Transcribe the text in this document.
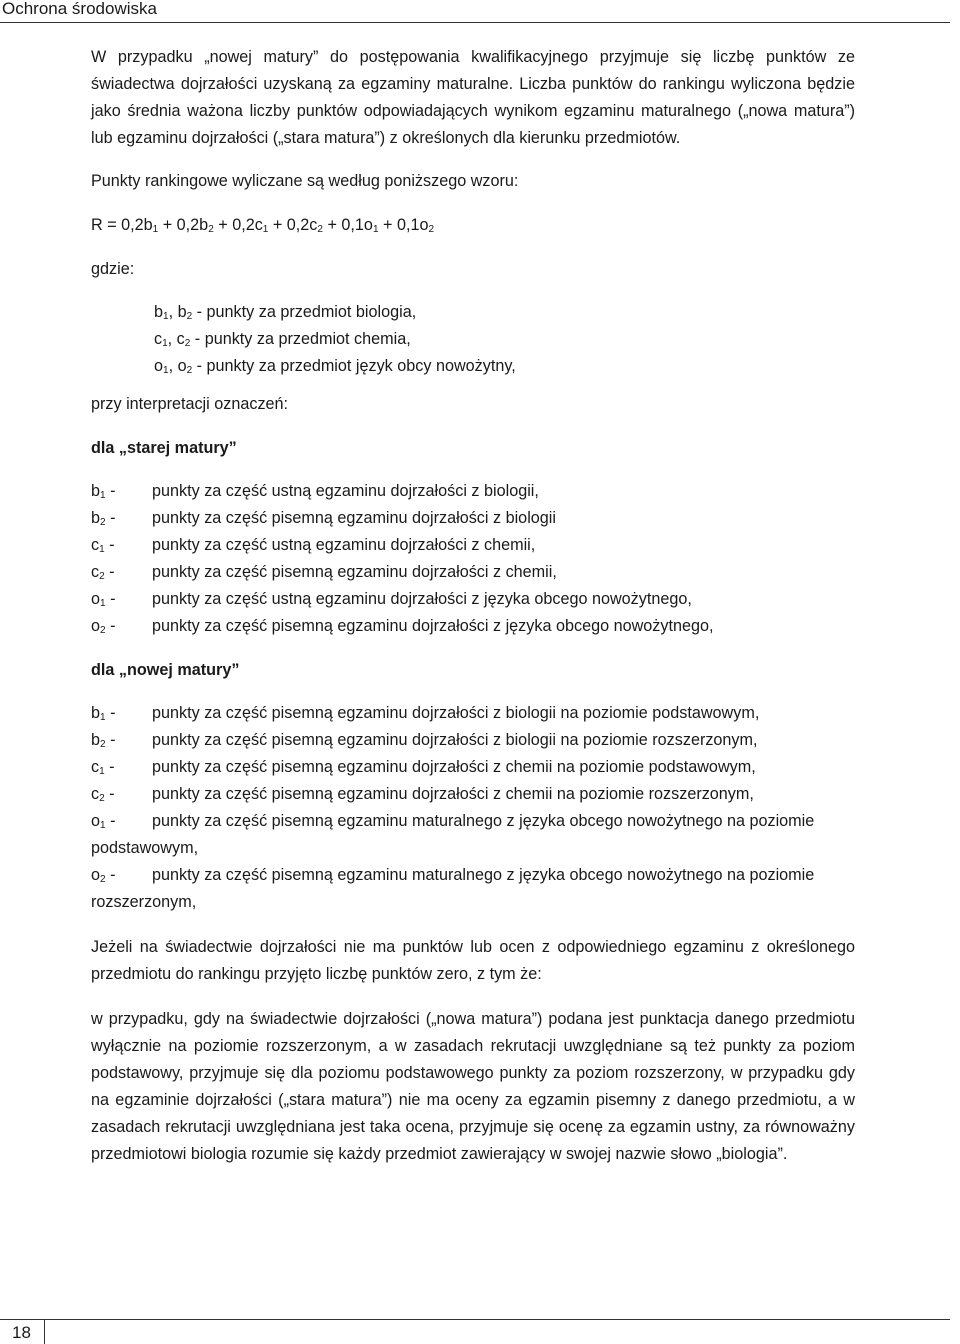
Ochrona środowiska

W przypadku „nowej matury” do postępowania kwalifikacyjnego przyjmuje się liczbę punktów ze świadectwa dojrzałości uzyskaną za egzaminy maturalne. Liczba punktów do rankingu wyliczona będzie jako średnia ważona liczby punktów odpowiadających wynikom egzaminu maturalnego („nowa matura”) lub egzaminu dojrzałości („stara matura”) z określonych dla kierunku przedmiotów.

Punkty rankingowe wyliczane są według poniższego wzoru:

$R = 0,2b_1 + 0,2b_2 + 0,2c_1 + 0,2c_2 + 0,1o_1 + 0,1o_2$

gdzie:

$b_1$, $b_2$ - punkty za przedmiot biologia,

$c_1$, $c_2$ - punkty za przedmiot chemia,

$o_1$, $o_2$ - punkty za przedmiot język obcy nowożytny,

przy interpretacji oznaczeń:

dla „starej matury”
$b_1$ -	punkty za część ustną egzaminu dojrzałości z biologii,
$b_2$ -	punkty za część pisemną egzaminu dojrzałości z biologii
$c_1$ -	punkty za część ustną egzaminu dojrzałości z chemii,
$c_2$ -	punkty za część pisemną egzaminu dojrzałości z chemii,
$o_1$ -	punkty za część ustną egzaminu dojrzałości z języka obcego nowożytnego,
$o_2$ -	punkty za część pisemną egzaminu dojrzałości z języka obcego nowożytnego,
dla „nowej matury”
$b_1$ -	punkty za część pisemną egzaminu dojrzałości z biologii na poziomie podstawowym,
$b_2$ -	punkty za część pisemną egzaminu dojrzałości z biologii na poziomie rozszerzonym,
$c_1$ -	punkty za część pisemną egzaminu dojrzałości z chemii na poziomie podstawowym,
$c_2$ -	punkty za część pisemną egzaminu dojrzałości z chemii na poziomie rozszerzonym,
$o_1$ - punkty za część pisemną egzaminu maturalnego z języka obcego nowożytnego na poziomie
podstawowym,
$o_2$ - punkty za część pisemną egzaminu maturalnego z języka obcego nowożytnego na poziomie
rozszerzonym,

Jeżeli na świadectwie dojrzałości nie ma punktów lub ocen z odpowiedniego egzaminu z określonego przedmiotu do rankingu przyjęto liczbę punktów zero, z tym że:

w przypadku, gdy na świadectwie dojrzałości („nowa matura”) podana jest punktacja danego przedmiotu wyłącznie na poziomie rozszerzonym, a w zasadach rekrutacji uwzględniane są też punkty za poziom podstawowy, przyjmuje się dla poziomu podstawowego punkty za poziom rozszerzony, w przypadku gdy na egzaminie dojrzałości („stara matura”) nie ma oceny za egzamin pisemny z danego przedmiotu, a w zasadach rekrutacji uwzględniana jest taka ocena, przyjmuje się ocenę za egzamin ustny, za równoważny przedmiotowi biologia rozumie się każdy przedmiot zawierający w swojej nazwie słowo „biologia”.

18
